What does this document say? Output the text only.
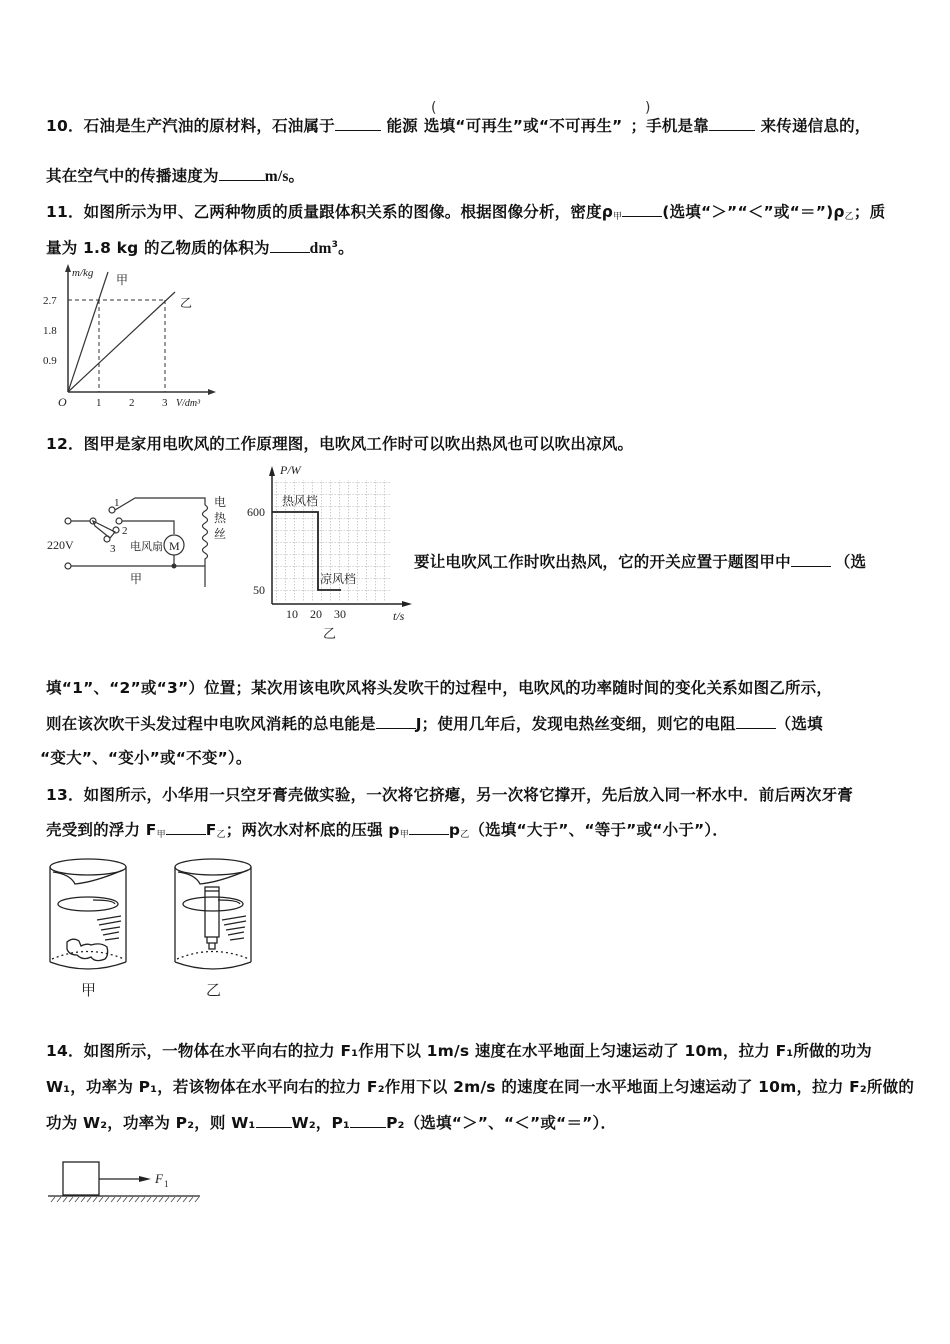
10．石油是生产汽油的原材料，石油属于	能源 选填“可再生”或“不可再生” ；手机是靠	来传递信息的，
(	)
其在空气中的传播速度为	m/s。
11．如图所示为甲、乙两种物质的质量跟体积关系的图像。根据图像分析，密度$\rho_甲$	(选填“＞”“＜”或“$=”)\rho_乙$；质
量为 1.8 kg 的乙物质的体积为	$dm^3$。
m/kg 甲
乙
2.7
1.8
0.9
O	1	2	3 V/dm³
12．图甲是家用电吹风的工作原理图，电吹风工作时可以吹出热风也可以吹出凉风。
M
1
2
3
220V	电风扇
电
热
丝
甲
P/W
热风档
凉风档
600
50
10 20 30	t/s
乙
要让电吹风工作时吹出热风，它的开关应置于题图甲中	（选
填“1”、“2”或“3”）位置；某次用该电吹风将头发吹干的过程中，电吹风的功率随时间的变化关系如图乙所示，
则在该次吹干头发过程中电吹风消耗的总电能是	J；使用几年后，发现电热丝变细，则它的电阻	（选填
“变大”、“变小”或“不变”）。
13．如图所示，小华用一只空牙膏壳做实验，一次将它挤瘪，另一次将它撑开，先后放入同一杯水中．前后两次牙膏
壳受到的浮力 $F_甲$	$F_乙$；两次水对杯底的压强 $p_甲$	$p_乙$（选填“大于”、“等于”或“小于”）．
甲	乙
14．如图所示，一物体在水平向右的拉力 F₁作用下以 1m/s 速度在水平地面上匀速运动了 10m，拉力 F₁所做的功为
W₁，功率为 P₁，若该物体在水平向右的拉力 F₂作用下以 2m/s 的速度在同一水平地面上匀速运动了 10m，拉力 F₂所做的
功为 W₂，功率为 P₂，则 W₁ W₂，P₁ P₂（选填“＞”、“＜”或“＝”）．
F 1
